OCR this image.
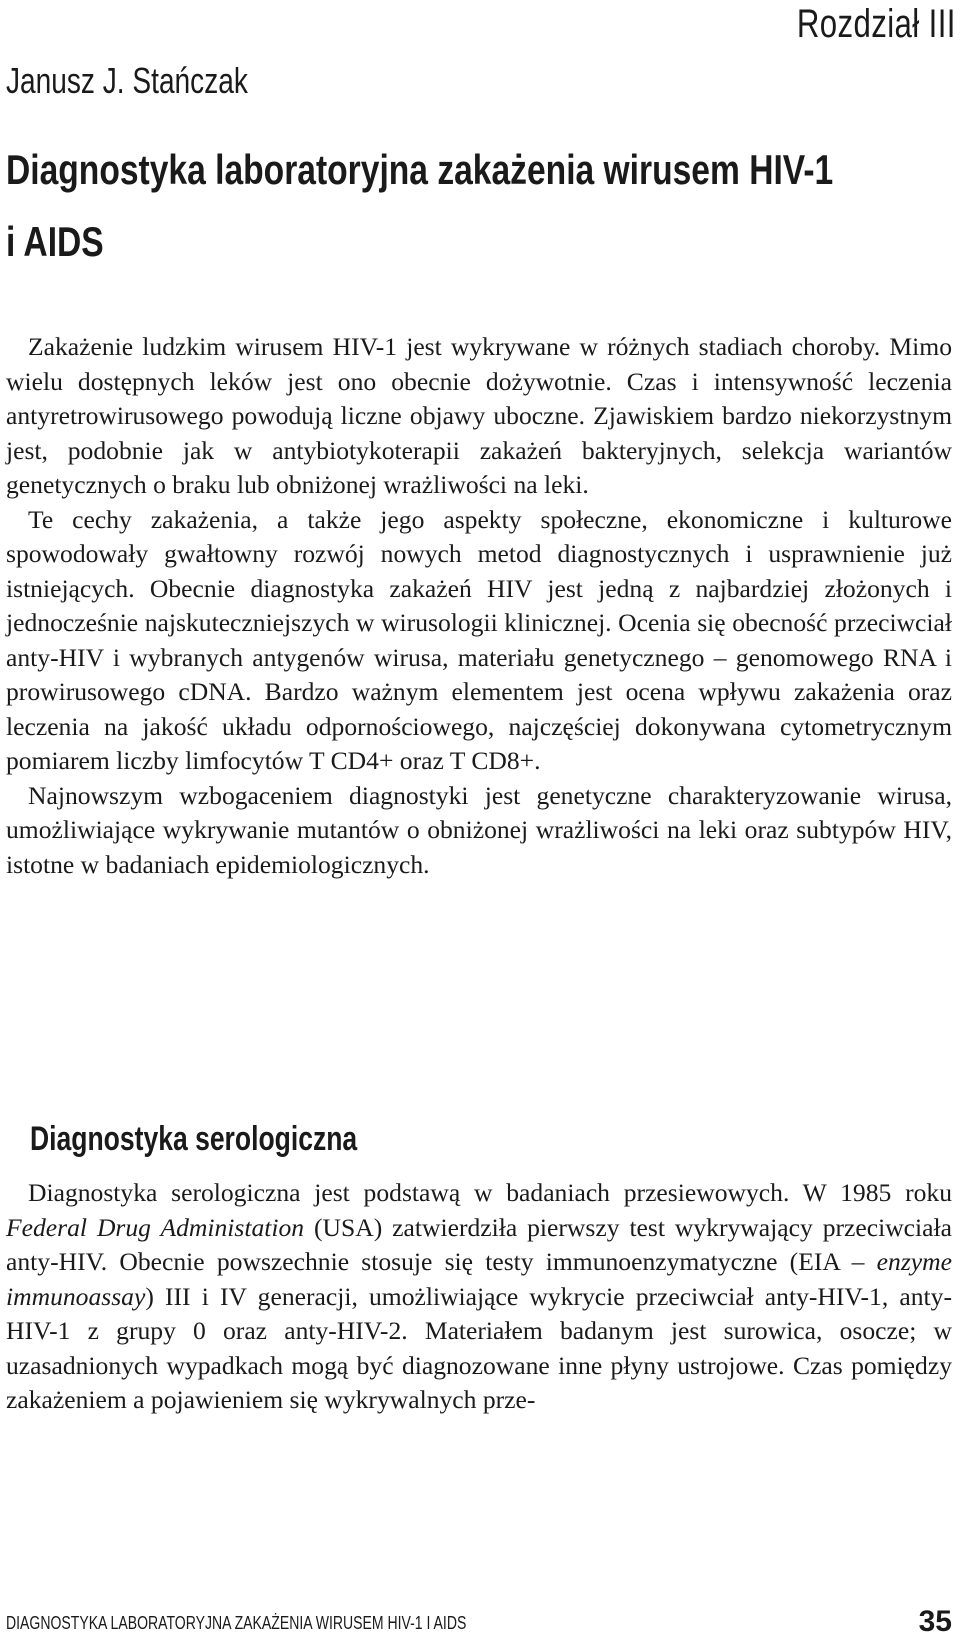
Rozdział III
Janusz J. Stańczak
Diagnostyka laboratoryjna zakażenia wirusem HIV-1
i AIDS

Zakażenie ludzkim wirusem HIV-1 jest wykrywane w różnych stadiach choroby. Mimo wielu dostępnych leków jest ono obecnie dożywotnie. Czas i intensywność leczenia antyretrowirusowego powodują liczne objawy uboczne. Zjawiskiem bardzo niekorzystnym jest, podobnie jak w antybiotykoterapii zakażeń bakteryjnych, selekcja wariantów genetycznych o braku lub obniżonej wrażliwości na leki.

Te cechy zakażenia, a także jego aspekty społeczne, ekonomiczne i kulturowe spowodowały gwałtowny rozwój nowych metod diagnostycznych i usprawnienie już istniejących. Obecnie diagnostyka zakażeń HIV jest jedną z najbardziej złożonych i jednocześnie najskuteczniejszych w wirusologii klinicznej. Ocenia się obecność przeciwciał anty-HIV i wybranych antygenów wirusa, materiału genetycznego – genomowego RNA i prowirusowego cDNA. Bardzo ważnym elementem jest ocena wpływu zakażenia oraz leczenia na jakość układu odpornościowego, najczęściej dokonywana cytometrycznym pomiarem liczby limfocytów T CD4+ oraz T CD8+.

Najnowszym wzbogaceniem diagnostyki jest genetyczne charakteryzowanie wirusa, umożliwiające wykrywanie mutantów o obniżonej wrażliwości na leki oraz subtypów HIV, istotne w badaniach epidemiologicznych.

Diagnostyka serologiczna

Diagnostyka serologiczna jest podstawą w badaniach przesiewowych. W 1985 roku Federal Drug Administation (USA) zatwierdziła pierwszy test wykrywający przeciwciała anty-HIV. Obecnie powszechnie stosuje się testy immunoenzymatyczne (EIA – enzyme immunoassay) III i IV generacji, umożliwiające wykrycie przeciwciał anty-HIV-1, anty-HIV-1 z grupy 0 oraz anty-HIV-2. Materiałem badanym jest surowica, osocze; w uzasadnionych wypadkach mogą być diagnozowane inne płyny ustrojowe. Czas pomiędzy zakażeniem a pojawieniem się wykrywalnych prze-

DIAGNOSTYKA LABORATORYJNA ZAKAŻENIA WIRUSEM HIV-1 I AIDS	35
